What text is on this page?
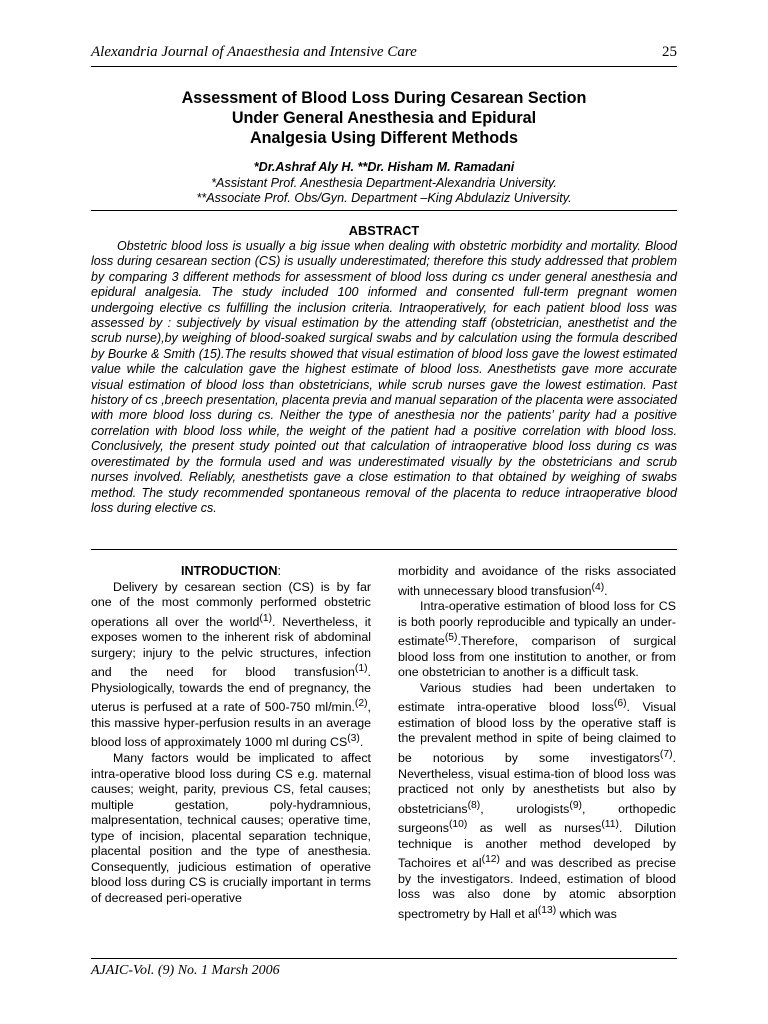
Alexandria Journal of Anaesthesia and Intensive Care	25
Assessment of Blood Loss During Cesarean Section
Under General Anesthesia and Epidural
Analgesia Using Different Methods
*Dr.Ashraf Aly H. **Dr. Hisham M. Ramadani
*Assistant Prof. Anesthesia Department-Alexandria University.
**Associate Prof. Obs/Gyn. Department –King Abdulaziz University.
ABSTRACT

Obstetric blood loss is usually a big issue when dealing with obstetric morbidity and mortality. Blood loss during cesarean section (CS) is usually underestimated; therefore this study addressed that problem by comparing 3 different methods for assessment of blood loss during cs under general anesthesia and epidural analgesia. The study included 100 informed and consented full-term pregnant women undergoing elective cs fulfilling the inclusion criteria. Intraoperatively, for each patient blood loss was assessed by : subjectively by visual estimation by the attending staff (obstetrician, anesthetist and the scrub nurse),by weighing of blood-soaked surgical swabs and by calculation using the formula described by Bourke & Smith (15).The results showed that visual estimation of blood loss gave the lowest estimated value while the calculation gave the highest estimate of blood loss. Anesthetists gave more accurate visual estimation of blood loss than obstetricians, while scrub nurses gave the lowest estimation. Past history of cs ,breech presentation, placenta previa and manual separation of the placenta were associated with more blood loss during cs. Neither the type of anesthesia nor the patients’ parity had a positive correlation with blood loss while, the weight of the patient had a positive correlation with blood loss. Conclusively, the present study pointed out that calculation of intraoperative blood loss during cs was overestimated by the formula used and was underestimated visually by the obstetricians and scrub nurses involved. Reliably, anesthetists gave a close estimation to that obtained by weighing of swabs method. The study recommended spontaneous removal of the placenta to reduce intraoperative blood loss during elective cs.

INTRODUCTION:

Delivery by cesarean section (CS) is by far one of the most commonly performed obstetric operations all over the world$^{(1)}$. Nevertheless, it exposes women to the inherent risk of abdominal surgery; injury to the pelvic structures, infection and the need for blood transfusion$^{(1)}$. Physiologically, towards the end of pregnancy, the uterus is perfused at a rate of 500-750 ml/min.$^{(2)}$, this massive hyper-perfusion results in an average blood loss of approximately 1000 ml during CS$^{(3)}$.

Many factors would be implicated to affect intra-operative blood loss during CS e.g. maternal causes; weight, parity, previous CS, fetal causes; multiple gestation, poly-hydramnious, malpresentation, technical causes; operative time, type of incision, placental separation technique, placental position and the type of anesthesia. Consequently, judicious estimation of operative blood loss during CS is crucially important in terms of decreased peri-operative

morbidity and avoidance of the risks associated with unnecessary blood transfusion$^{(4)}$.

Intra-operative estimation of blood loss for CS is both poorly reproducible and typically an under-estimate$^{(5)}$.Therefore, comparison of surgical blood loss from one institution to another, or from one obstetrician to another is a difficult task.

Various studies had been undertaken to estimate intra-operative blood loss$^{(6)}$. Visual estimation of blood loss by the operative staff is the prevalent method in spite of being claimed to be notorious by some investigators$^{(7)}$. Nevertheless, visual estima-tion of blood loss was practiced not only by anesthetists but also by obstetricians$^{(8)}$, urologists$^{(9)}$, orthopedic surgeons$^{(10)}$ as well as nurses$^{(11)}$. Dilution technique is another method developed by Tachoires et $al^{(12)}$ and was described as precise by the investigators. Indeed, estimation of blood loss was also done by atomic absorption spectrometry by Hall et $al^{(13)}$ which was

AJAIC-Vol. (9) No. 1 Marsh 2006
